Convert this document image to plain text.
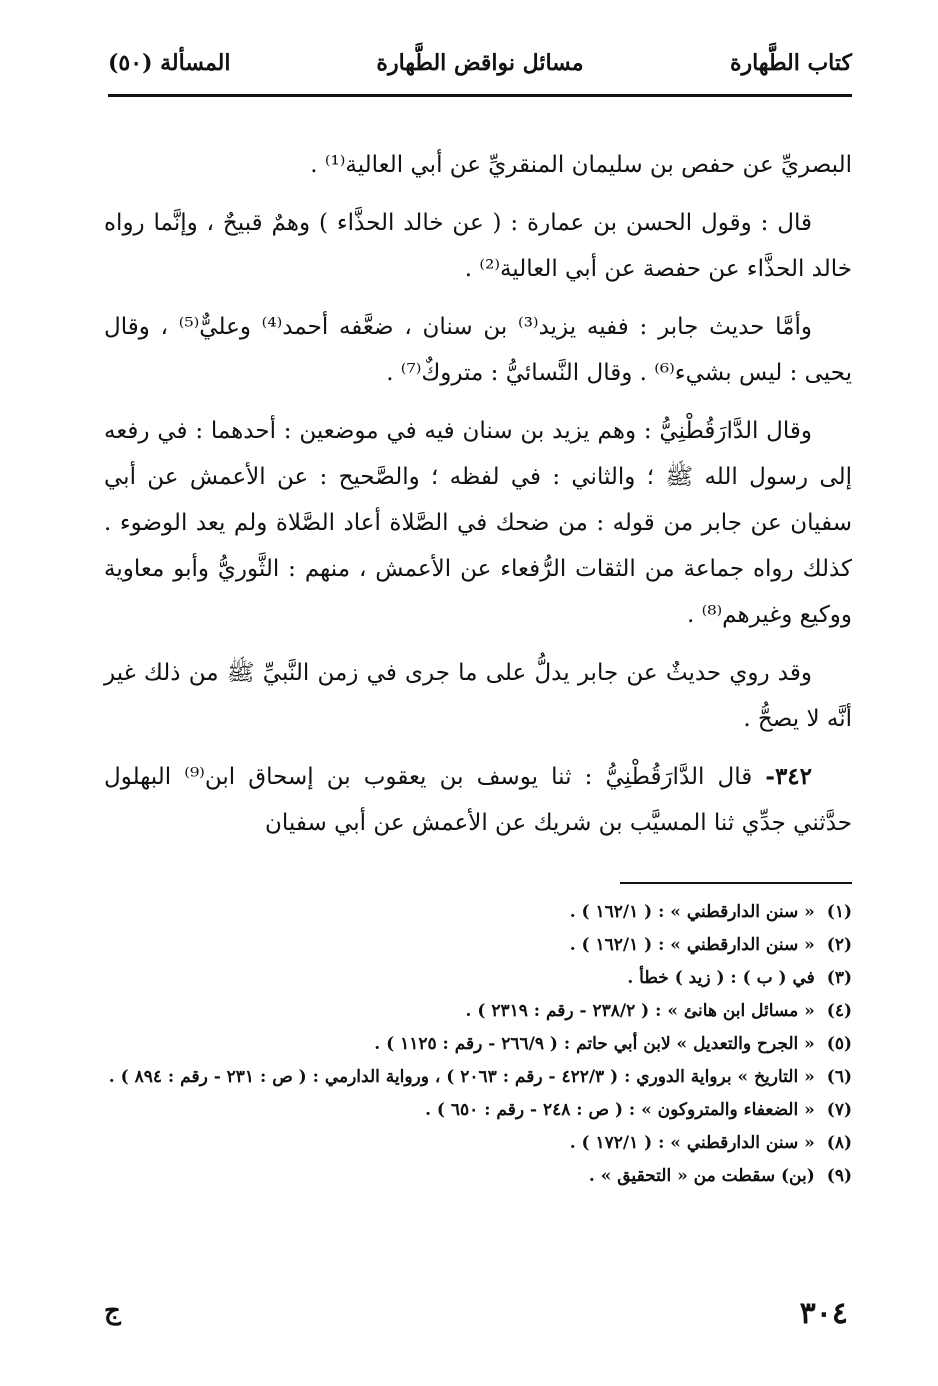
كتاب الطَّهارة
مسائل نواقض الطَّهارة
المسألة (٥٠)

البصريِّ عن حفص بن سليمان المنقريِّ عن أبي العالية⁽¹⁾ .

قال : وقول الحسن بن عمارة : ( عن خالد الحذَّاء ) وهمٌ قبيحٌ ، وإنَّما رواه خالد الحذَّاء عن حفصة عن أبي العالية⁽²⁾ .

وأمَّا حديث جابر : ففيه يزيد⁽³⁾ بن سنان ، ضعَّفه أحمد⁽⁴⁾ وعليٌّ⁽⁵⁾ ، وقال يحيى : ليس بشيء⁽⁶⁾ . وقال النَّسائيُّ : متروكٌ⁽⁷⁾ .

وقال الدَّارَقُطْنِيُّ : وهم يزيد بن سنان فيه في موضعين : أحدهما : في رفعه إلى رسول الله ﷺ ؛ والثاني : في لفظه ؛ والصَّحيح : عن الأعمش عن أبي سفيان عن جابر من قوله : من ضحك في الصَّلاة أعاد الصَّلاة ولم يعد الوضوء . كذلك رواه جماعة من الثقات الرُّفعاء عن الأعمش ، منهم : الثَّوريُّ وأبو معاوية ووكيع وغيرهم⁽⁸⁾ .

وقد روي حديثٌ عن جابر يدلُّ على ما جرى في زمن النَّبيِّ ﷺ من ذلك غير أنَّه لا يصحُّ .

٣٤٢- قال الدَّارَقُطْنِيُّ : ثنا يوسف بن يعقوب بن إسحاق ابن⁽⁹⁾ البهلول حدَّثني جدِّي ثنا المسيَّب بن شريك عن الأعمش عن أبي سفيان

(١)« سنن الدارقطني » : ( ١٦٢/١ ) .

(٢)« سنن الدارقطني » : ( ١٦٢/١ ) .

(٣)في ( ب ) : ( زيد ) خطأ .

(٤)« مسائل ابن هانئ » : ( ٢٣٨/٢ - رقم : ٢٣١٩ ) .

(٥)« الجرح والتعديل » لابن أبي حاتم : ( ٢٦٦/٩ - رقم : ١١٢٥ ) .

(٦)« التاريخ » برواية الدوري : ( ٤٢٢/٣ - رقم : ٢٠٦٣ ) ، ورواية الدارمي : ( ص : ٢٣١ - رقم : ٨٩٤ ) .

(٧)« الضعفاء والمتروكون » : ( ص : ٢٤٨ - رقم : ٦٥٠ ) .

(٨)« سنن الدارقطني » : ( ١٧٢/١ ) .

(٩)(بن) سقطت من « التحقيق » .

٣٠٤
ج
